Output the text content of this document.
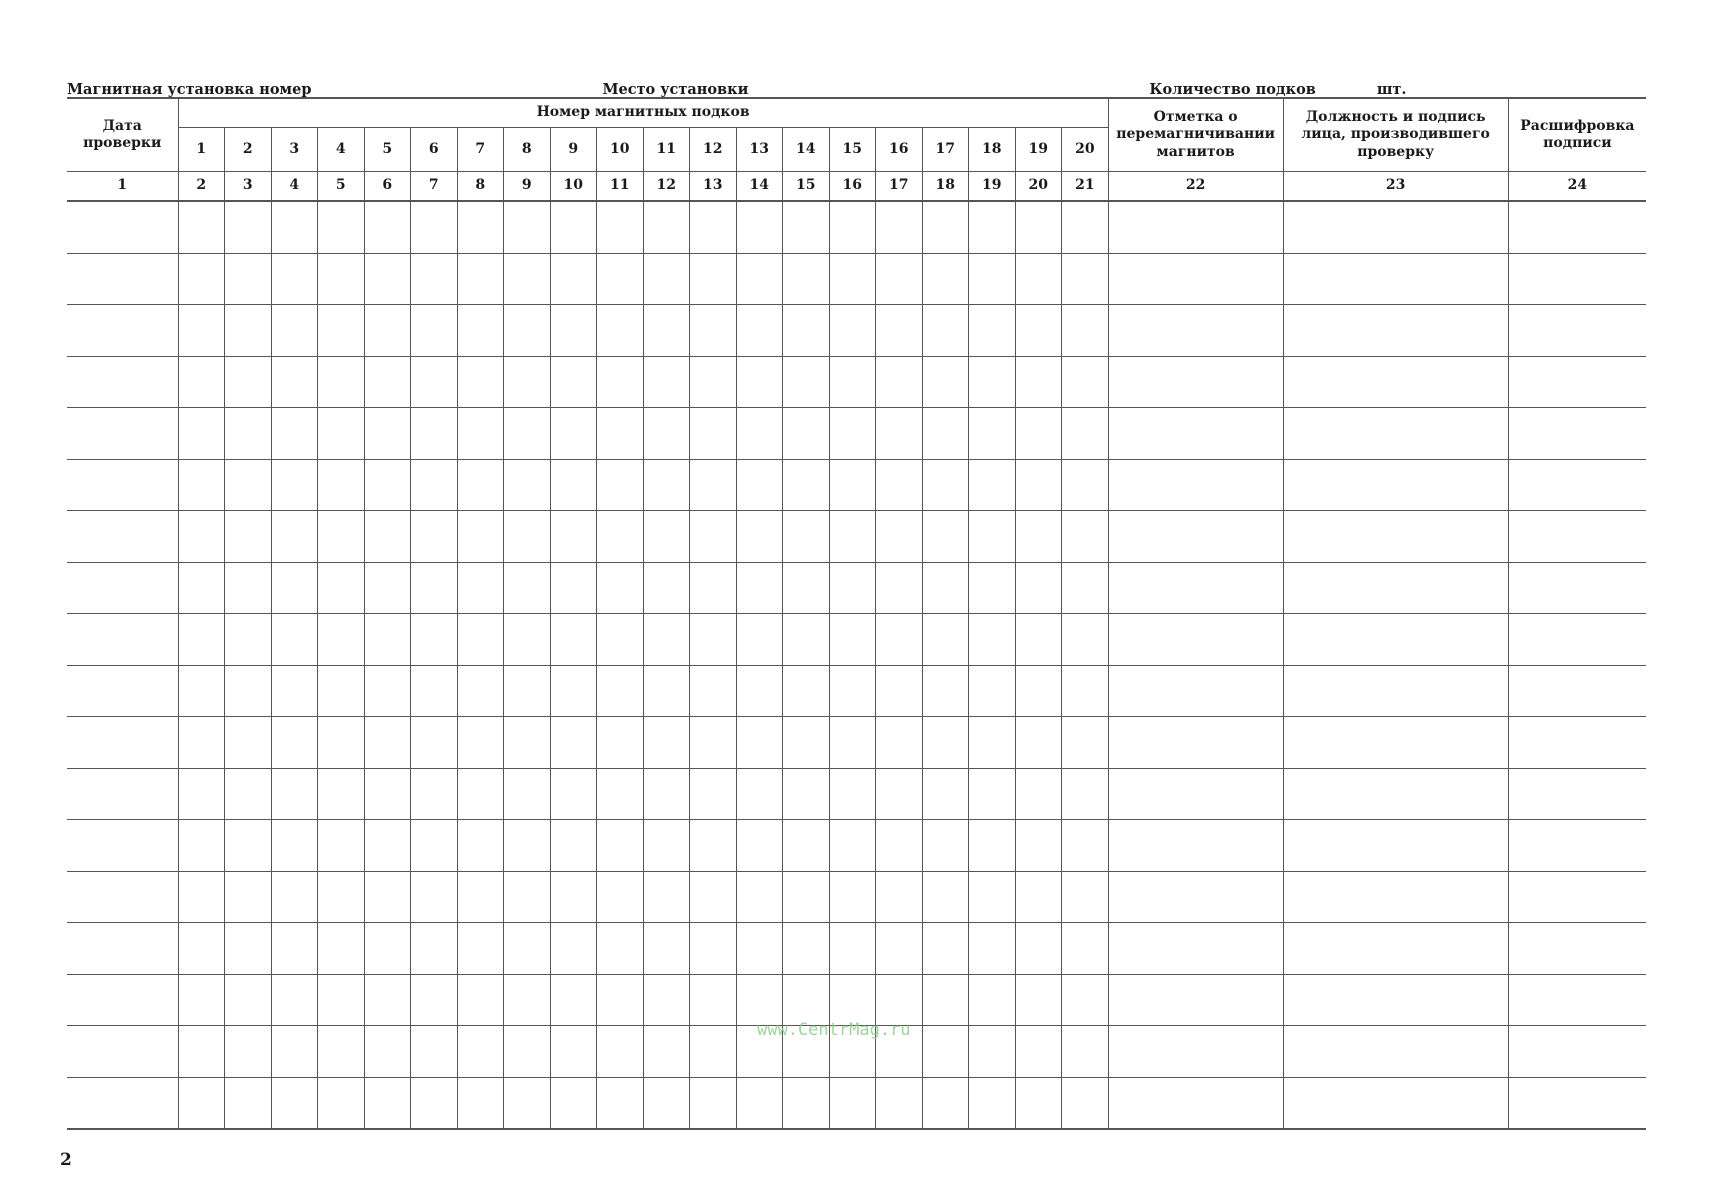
Магнитная установка номер	Место установки	Количество подков	шт.
Дата проверки	Номер магнитных подков																				Отметка о перемагничивании магнитов	Должность и подпись лица, производившего проверку	Расшифровка подписи

	1	2	3	4	5	6	7	8	9	10	11	12	13	14	15	16	17	18	19	20			
1	2	3	4	5	6	7	8	9	10	11	12	13	14	15	16	17	18	19	20	21	22	23	24

www.CentrMag.ru
2
